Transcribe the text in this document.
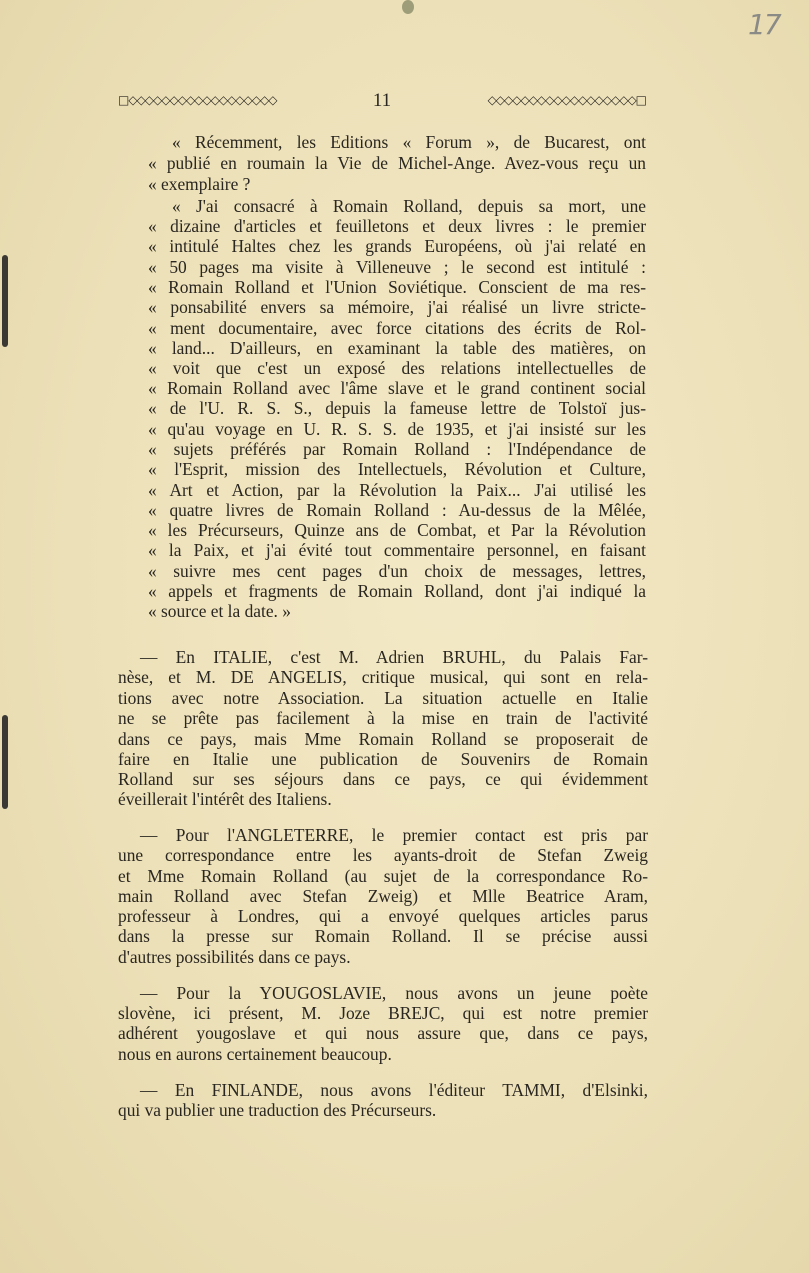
17
□◇◇◇◇◇◇◇◇◇◇◇◇◇◇◇◇◇◇	11	◇◇◇◇◇◇◇◇◇◇◇◇◇◇◇◇◇◇□
« Récemment, les Editions « Forum », de Bucarest, ont
« publié en roumain la Vie de Michel-Ange. Avez-vous reçu un
« exemplaire ?
« J'ai consacré à Romain Rolland, depuis sa mort, une
« dizaine d'articles et feuilletons et deux livres : le premier
« intitulé Haltes chez les grands Européens, où j'ai relaté en
« 50 pages ma visite à Villeneuve ; le second est intitulé :
« Romain Rolland et l'Union Soviétique. Conscient de ma res-
« ponsabilité envers sa mémoire, j'ai réalisé un livre stricte-
« ment documentaire, avec force citations des écrits de Rol-
« land... D'ailleurs, en examinant la table des matières, on
« voit que c'est un exposé des relations intellectuelles de
« Romain Rolland avec l'âme slave et le grand continent social
« de l'U. R. S. S., depuis la fameuse lettre de Tolstoï jus-
« qu'au voyage en U. R. S. S. de 1935, et j'ai insisté sur les
« sujets préférés par Romain Rolland : l'Indépendance de
« l'Esprit, mission des Intellectuels, Révolution et Culture,
« Art et Action, par la Révolution la Paix... J'ai utilisé les
« quatre livres de Romain Rolland : Au-dessus de la Mêlée,
« les Précurseurs, Quinze ans de Combat, et Par la Révolution
« la Paix, et j'ai évité tout commentaire personnel, en faisant
« suivre mes cent pages d'un choix de messages, lettres,
« appels et fragments de Romain Rolland, dont j'ai indiqué la
« source et la date. »
— En ITALIE, c'est M. Adrien BRUHL, du Palais Far-
nèse, et M. DE ANGELIS, critique musical, qui sont en rela-
tions avec notre Association. La situation actuelle en Italie
ne se prête pas facilement à la mise en train de l'activité
dans ce pays, mais Mme Romain Rolland se proposerait de
faire en Italie une publication de Souvenirs de Romain
Rolland sur ses séjours dans ce pays, ce qui évidemment
éveillerait l'intérêt des Italiens.
— Pour l'ANGLETERRE, le premier contact est pris par
une correspondance entre les ayants-droit de Stefan Zweig
et Mme Romain Rolland (au sujet de la correspondance Ro-
main Rolland avec Stefan Zweig) et Mlle Beatrice Aram,
professeur à Londres, qui a envoyé quelques articles parus
dans la presse sur Romain Rolland. Il se précise aussi
d'autres possibilités dans ce pays.
— Pour la YOUGOSLAVIE, nous avons un jeune poète
slovène, ici présent, M. Joze BREJC, qui est notre premier
adhérent yougoslave et qui nous assure que, dans ce pays,
nous en aurons certainement beaucoup.
— En FINLANDE, nous avons l'éditeur TAMMI, d'Elsinki,
qui va publier une traduction des Précurseurs.
